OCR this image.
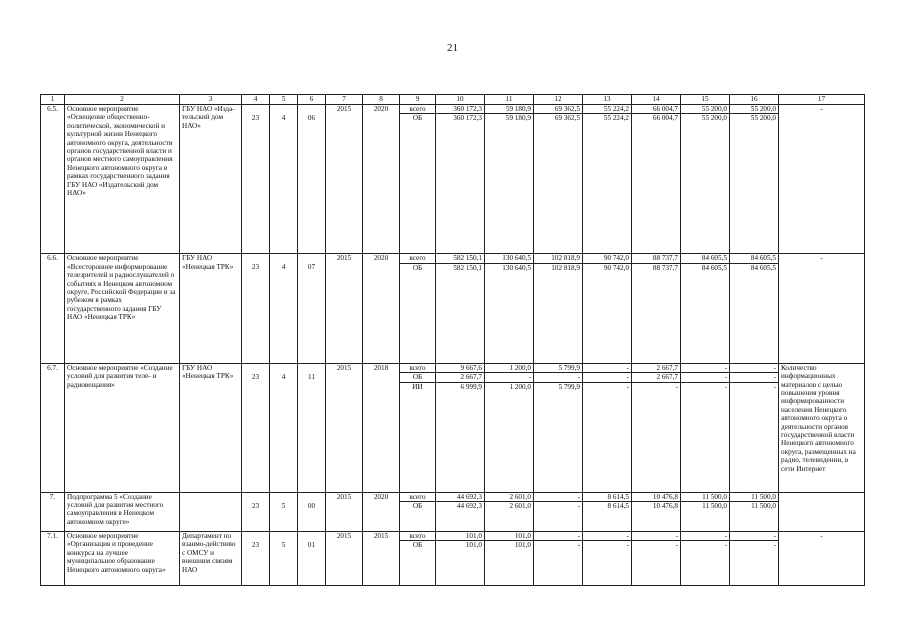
21
1	2	3	4	5	6	7	8	9	10	11	12	13	14	15	16	17
6.5.	Основное мероприятие «Освещение общественно-политической, экономической и культурной жизни Ненецкого автономного округа, деятельности органов государственной власти и органов местного самоуправления Ненецкого автономного округа в рамках государственного задания ГБУ НАО «Издательский дом НАО»	ГБУ НАО «Изда-тельский дом НАО»				2015	2020	всего	360 172,3	59 180,9	69 362,5	55 224,2	66 004,7	55 200,0	55 200,0	-
			23	4	06			ОБ	360 172,3	59 180,9	69 362,5	55 224,2	66 004,7	55 200,0	55 200,0	
6.6.	Основное мероприятие «Всестороннее информирование телезрителей и радиослушателей о событиях в Ненецком автономном округе, Российской Федерации и за рубежом в рамках государственного задания ГБУ НАО «Ненецкая ТРК»	ГБУ НАО «Ненецкая ТРК»				2015	2020	всего	582 150,1	130 640,5	102 818,9	90 742,0	88 737,7	84 605,5	84 605,5	-
			23	4	07			ОБ	582 150,1	130 640,5	102 818,9	90 742,0	88 737,7	84 605,5	84 605,5	
6.7.	Основное мероприятие «Создание условий для развития теле- и радиовещания»	ГБУ НАО «Ненецкая ТРК»				2015	2018	всего	9 667,6	1 200,0	5 799,9	-	2 667,7	-	-	Количество информационных материалов с целью повышения уровня информированности населения Ненецкого автономного округа о деятельности органов государственной власти Ненецкого автономного округа, размещенных на радио, телевидении, в сети Интернет
			23	4	11			ОБ	2 667,7	-	-	-	2 667,7	-	-	
								ИИ	6 999,9	1 200,0	5 799,9	-	-	-	-	
7.	Подпрограмма 5 «Создание условий для развития местного самоуправления в Ненецком автономном округе»					2015	2020	всего	44 692,3	2 601,0	-	8 614,5	10 476,8	11 500,0	11 500,0	
			23	5	00			ОБ	44 692,3	2 601,0	-	8 614,5	10 476,8	11 500,0	11 500,0	
7.1.	Основное мероприятие «Организация и проведение конкурса на лучшее муниципальное образование Ненецкого автономного округа»	Департамент по взаимо-действию с ОМСУ и внешним связям НАО				2015	2015	всего	101,0	101,0	-	-	-	-	-	-
			23	5	01			ОБ	101,0	101,0	-	-	-	-	-	
